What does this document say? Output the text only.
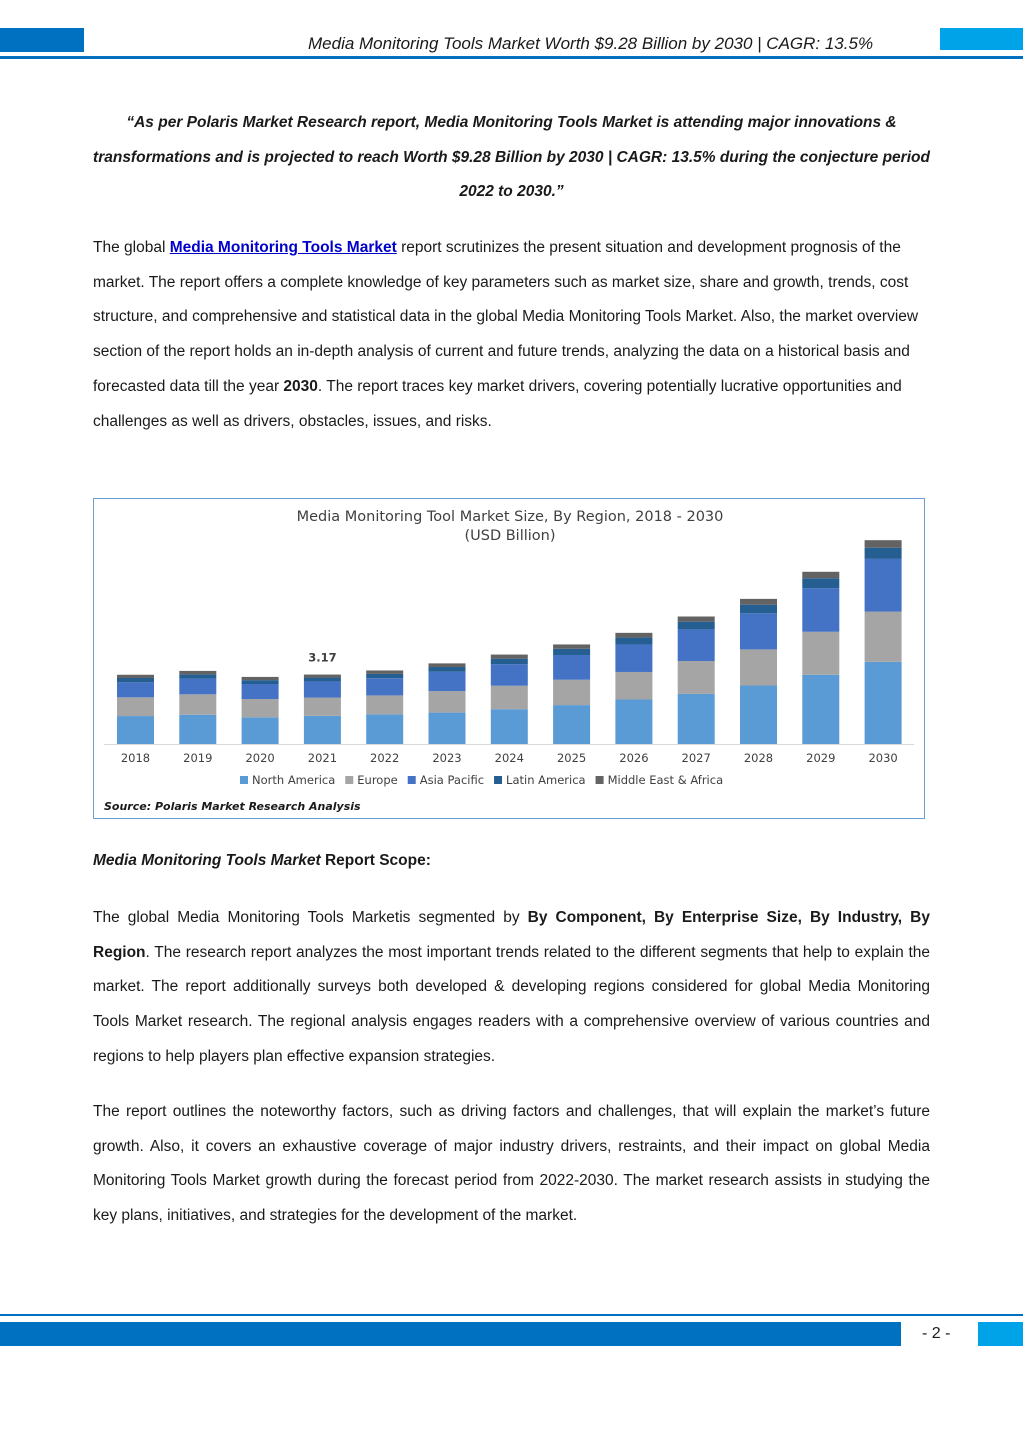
Media Monitoring Tools Market Worth $9.28 Billion by 2030 | CAGR: 13.5%
“As per Polaris Market Research report, Media Monitoring Tools Market is attending major innovations & transformations and is projected to reach Worth $9.28 Billion by 2030 | CAGR: 13.5% during the conjecture period 2022 to 2030.”
The global Media Monitoring Tools Market report scrutinizes the present situation and development prognosis of the market. The report offers a complete knowledge of key parameters such as market size, share and growth, trends, cost structure, and comprehensive and statistical data in the global Media Monitoring Tools Market. Also, the market overview section of the report holds an in-depth analysis of current and future trends, analyzing the data on a historical basis and forecasted data till the year 2030. The report traces key market drivers, covering potentially lucrative opportunities and challenges as well as drivers, obstacles, issues, and risks.
Media Monitoring Tool Market Size, By Region, 2018 - 2030
(USD Billion)
2018	2019	2020	2021
3.17
2022	2023	2024	2025	2026	2027	2028	2029	2030
North America Europe Asia Pacific Latin America Middle East & Africa
Source: Polaris Market Research Analysis
Media Monitoring Tools Market Report Scope:
The global Media Monitoring Tools Marketis segmented by By Component, By Enterprise Size, By Industry, By Region. The research report analyzes the most important trends related to the different segments that help to explain the market. The report additionally surveys both developed & developing regions considered for global Media Monitoring Tools Market research. The regional analysis engages readers with a comprehensive overview of various countries and regions to help players plan effective expansion strategies.
The report outlines the noteworthy factors, such as driving factors and challenges, that will explain the market’s future growth. Also, it covers an exhaustive coverage of major industry drivers, restraints, and their impact on global Media Monitoring Tools Market growth during the forecast period from 2022-2030. The market research assists in studying the key plans, initiatives, and strategies for the development of the market.
- 2 -
